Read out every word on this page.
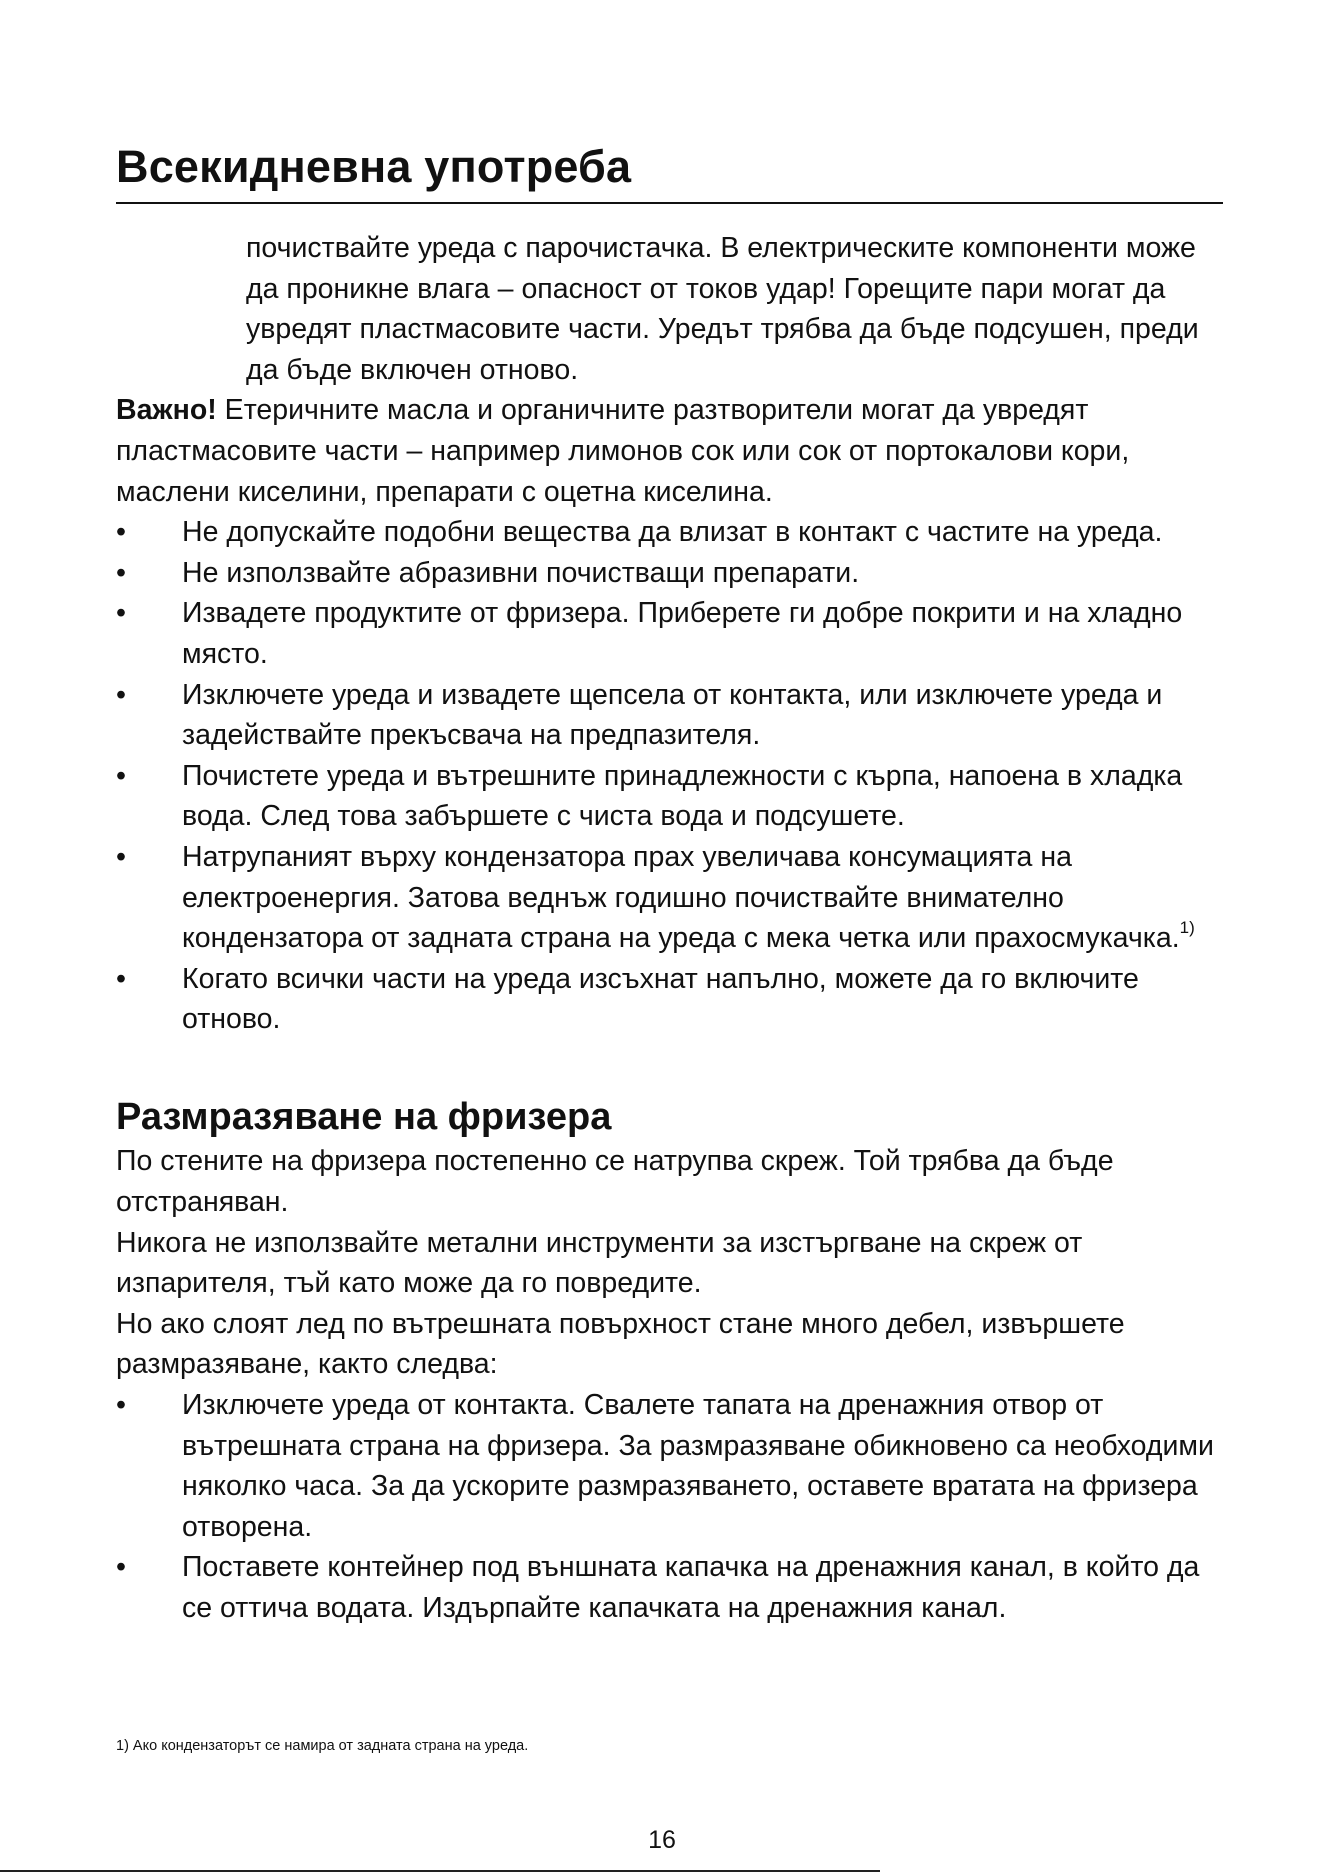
Всекидневна употреба

почиствайте уреда с парочистачка. В електрическите компоненти може да проникне влага – опасност от токов удар! Горещите пари могат да увредят пластмасовите части. Уредът трябва да бъде подсушен, преди да бъде включен отново.

Важно! Етеричните масла и органичните разтворители могат да увредят пластмасовите части – например лимонов сок или сок от портокалови кори, маслени киселини, препарати с оцетна киселина.

• Не допускайте подобни вещества да влизат в контакт с частите на уреда.
• Не използвайте абразивни почистващи препарати.
• Извадете продуктите от фризера. Приберете ги добре покрити и на хладно място.
• Изключете уреда и извадете щепсела от контакта, или изключете уреда и задействайте прекъсвача на предпазителя.
• Почистете уреда и вътрешните принадлежности с кърпа, напоена в хладка вода. След това забършете с чиста вода и подсушете.
• Натрупаният върху кондензатора прах увеличава консумацията на електроенергия. Затова веднъж годишно почиствайте внимателно кондензатора от задната страна на уреда с мека четка или прахосмукачка.$^{1)}$
• Когато всички части на уреда изсъхнат напълно, можете да го включите отново.
Размразяване на фризера

По стените на фризера постепенно се натрупва скреж. Той трябва да бъде отстраняван.

Никога не използвайте метални инструменти за изстъргване на скреж от изпарителя, тъй като може да го повредите.

Но ако слоят лед по вътрешната повърхност стане много дебел, извършете размразяване, както следва:

• Изключете уреда от контакта. Свалете тапата на дренажния отвор от вътрешната страна на фризера. За размразяване обикновено са необходими няколко часа. За да ускорите размразяването, оставете вратата на фризера отворена.
• Поставете контейнер под външната капачка на дренажния канал, в който да се оттича водата. Издърпайте капачката на дренажния канал.
1) Ако кондензаторът се намира от задната страна на уреда.
16
